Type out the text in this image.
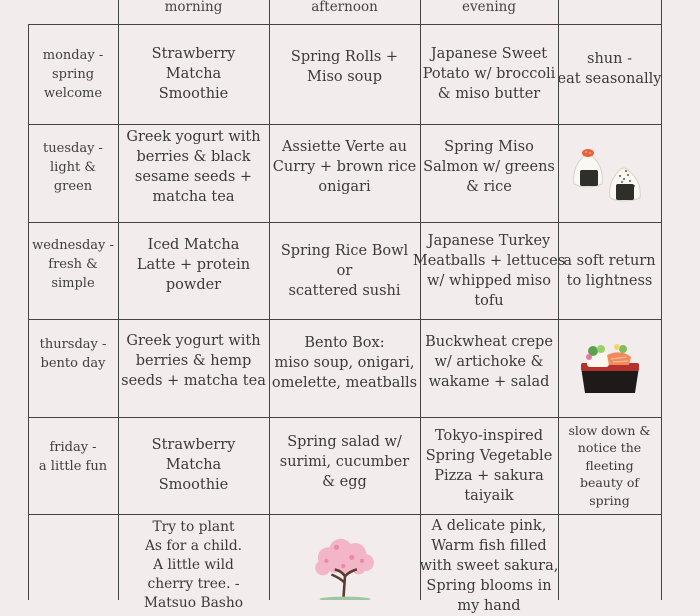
morning	afternoon	evening
monday -
spring
welcome
Strawberry
Matcha
Smoothie
Spring Rolls +
Miso soup
Japanese Sweet
Potato w/ broccoli
& miso butter
shun -
eat seasonally
tuesday -
light &
green
Greek yogurt with
berries & black
sesame seeds +
matcha tea
Assiette Verte au
Curry + brown rice
onigari
Spring Miso
Salmon w/ greens
& rice
wednesday -
fresh &
simple
Iced Matcha
Latte + protein
powder
Spring Rice Bowl
or
scattered sushi
Japanese Turkey
Meatballs + lettuces
w/ whipped miso
tofu
a soft return
to lightness
thursday -
bento day
Greek yogurt with
berries & hemp
seeds + matcha tea
Bento Box:
miso soup, onigari,
omelette, meatballs
Buckwheat crepe
w/ artichoke &
wakame + salad
friday -
a little fun
Strawberry
Matcha
Smoothie
Spring salad w/
surimi, cucumber
& egg
Tokyo-inspired
Spring Vegetable
Pizza + sakura
taiyaik
slow down &
notice the
fleeting
beauty of
spring
Try to plant
As for a child.
A little wild
cherry tree. -
Matsuo Basho
A delicate pink,
Warm fish filled
with sweet sakura,
Spring blooms in
my hand
